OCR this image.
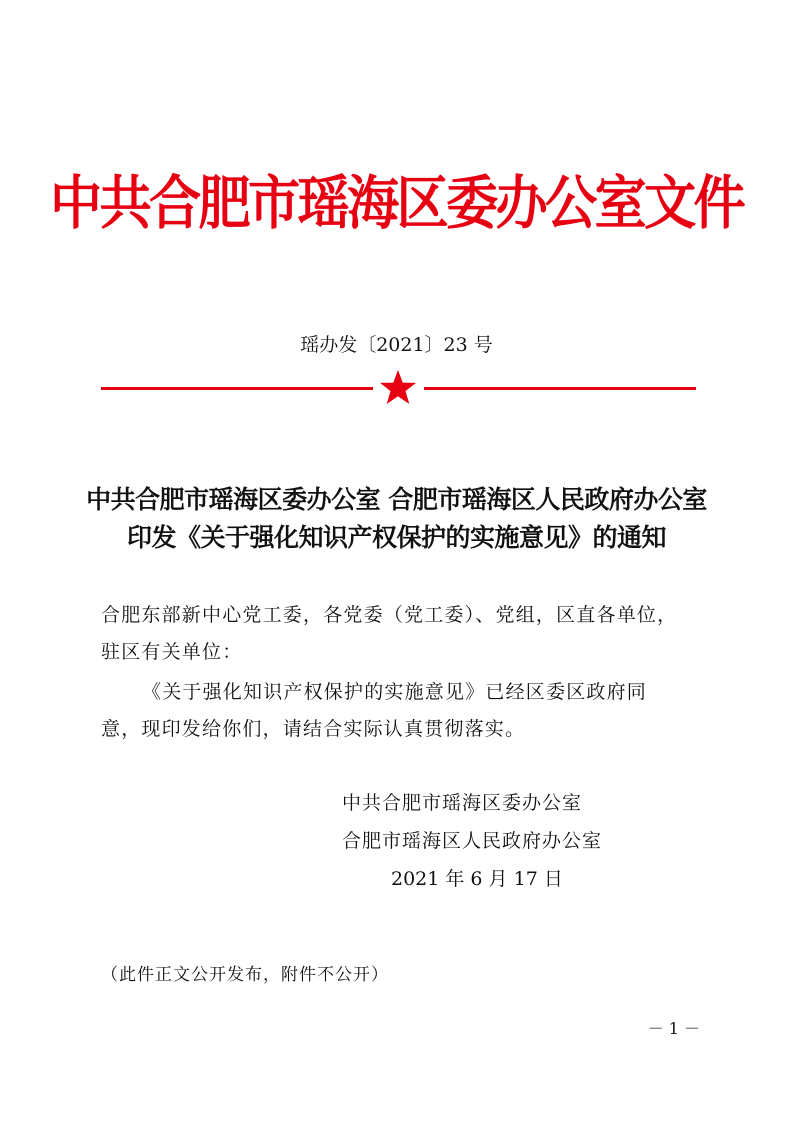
中共合肥市瑶海区委办公室文件
瑶办发〔2021〕23 号
中共合肥市瑶海区委办公室 合肥市瑶海区人民政府办公室
印发《关于强化知识产权保护的实施意见》的通知
合肥东部新中心党工委，各党委（党工委）、党组，区直各单位，
驻区有关单位：
《关于强化知识产权保护的实施意见》已经区委区政府同
意，现印发给你们，请结合实际认真贯彻落实。
中共合肥市瑶海区委办公室
合肥市瑶海区人民政府办公室
2021 年 6 月 17 日
（此件正文公开发布，附件不公开）
－ 1 －
